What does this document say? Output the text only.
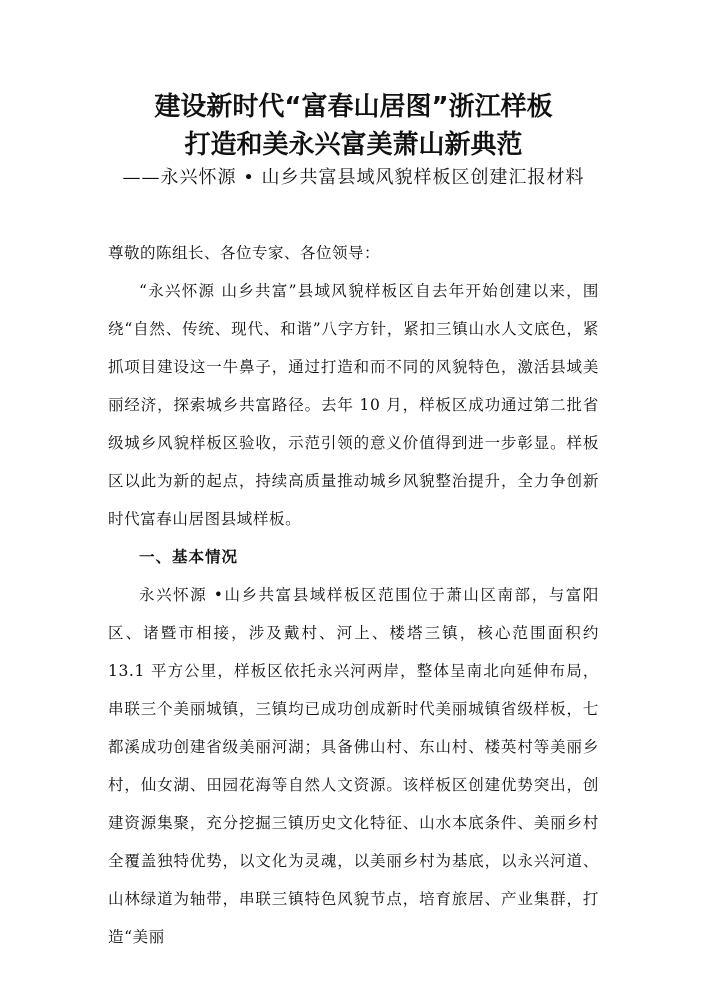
建设新时代“富春山居图”浙江样板
打造和美永兴富美萧山新典范
——永兴怀源 • 山乡共富县域风貌样板区创建汇报材料
尊敬的陈组长、各位专家、各位领导：

“永兴怀源 山乡共富”县域风貌样板区自去年开始创建以来，围绕“自然、传统、现代、和谐”八字方针，紧扣三镇山水人文底色，紧抓项目建设这一牛鼻子，通过打造和而不同的风貌特色，激活县域美丽经济，探索城乡共富路径。去年 10 月，样板区成功通过第二批省级城乡风貌样板区验收，示范引领的意义价值得到进一步彰显。样板区以此为新的起点，持续高质量推动城乡风貌整治提升，全力争创新时代富春山居图县域样板。

一、基本情况

永兴怀源 •山乡共富县域样板区范围位于萧山区南部，与富阳区、诸暨市相接，涉及戴村、河上、楼塔三镇，核心范围面积约 13.1 平方公里，样板区依托永兴河两岸，整体呈南北向延伸布局，串联三个美丽城镇，三镇均已成功创成新时代美丽城镇省级样板，七都溪成功创建省级美丽河湖；具备佛山村、东山村、楼英村等美丽乡村，仙女湖、田园花海等自然人文资源。该样板区创建优势突出，创建资源集聚，充分挖掘三镇历史文化特征、山水本底条件、美丽乡村全覆盖独特优势，以文化为灵魂，以美丽乡村为基底，以永兴河道、山林绿道为轴带，串联三镇特色风貌节点，培育旅居、产业集群，打造“美丽
